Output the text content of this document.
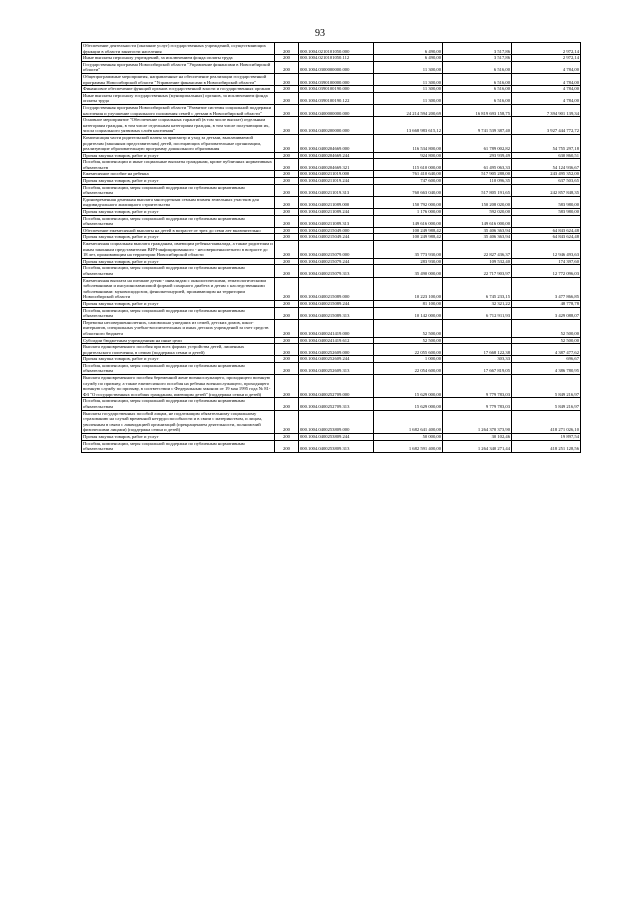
93
Обеспечение деятельности (оказание услуг) государственных учреждений, осуществляющих функции в области занятости населения	200	000.1004.0210101050.000	6 490,00	3 517,86	2 972,14
Иные выплаты персоналу учреждений, за исключением фонда оплаты труда	200	000.1004.0210101050.112	6 490,00	3 517,86	2 972,14
Государственная программа Новосибирской области "Управление финансами в Новосибирской области"	200	000.1004.0300000000.000	11 300,00	6 516,00	4 784,00
Общепрограммные мероприятия, направленные на обеспечение реализации государственной программы Новосибирской области "Управление финансами в Новосибирской области"	200	000.1004.0390100000.000	11 300,00	6 516,00	4 784,00
Финансовое обеспечение функций органов государственной власти и государственных органов	200	000.1004.0390100190.000	11 300,00	6 516,00	4 784,00
Иные выплаты персоналу государственных (муниципальных) органов, за исключением фонда оплаты труда	200	000.1004.0390100190.122	11 300,00	6 516,00	4 784,00
Государственная программа Новосибирской области "Развитие системы социальной поддержки населения и улучшение социального положения семей с детьми в Новосибирской области"	200	000.1004.0400000000.000	24 214 594 200,69	16 819 693 158,75	7 394 901 139,34
Основное мероприятие "Обеспечение социальных гарантий (в том числе выплат) отдельным категориям граждан, в том числе отдельным категориям граждан, в том числе получающим их, числа социального уязвимых слоёв населения"	200	000.1004.0400200000.000	13 668 983 615,12	9 741 539 387,40	3 927 444 772,72
Компенсация части родительской платы за присмотр и уход за детьми, выплачиваемой родителям (законным представителям) детей, посещающих образовательные организации, реализующие образовательную программу дошкольного образования	200	000.1004.0400204669.000	116 534 800,00	61 789 002,82	54 755 297,18
Прочая закупка товаров, работ и услуг	200	000.1004.0400204669.244	924 800,00	293 939,49	630 860,51
Пособия, компенсации и иные социальные выплаты гражданам, кроме публичных нормативных обязательств	200	000.1004.0400204669.321	115 610 000,00	61 495 063,33	54 124 936,67
Ежемесячное пособие на ребенка	200	000.1004.0400211019.000	761 410 640,00	517 905 288,00	243 495 352,00
Прочая закупка товаров, работ и услуг	200	000.1004.0400211019.244	747 600,00	110 096,35	637 503,65
Пособия, компенсации, меры социальной поддержки по публичным нормативным обязательствам	200	000.1004.0400211019.313	760 663 040,00	517 805 191,65	242 857 848,35
Единовременная денежная выплата многодетным семьям взамен земельных участков для индивидуального жилищного строительства	200	000.1004.0400211089.000	150 792 000,00	150 208 020,00	583 980,00
Прочая закупка товаров, работ и услуг	200	000.1004.0400211089.244	1 176 000,00	592 020,00	583 980,00
Пособия, компенсации, меры социальной поддержки по публичным нормативным обязательствам	200	000.1004.0400211089.313	149 616 000,00	149 616 000,00	
Обеспечение ежемесячной выплаты на детей в возрасте от трех до семи лет включительно	200	000.1004.0400215049.000	100 249 988,42	35 406 363,94	64 843 624,48
Прочая закупка товаров, работ и услуг	200	000.1004.0400215049.244	100 249 988,42	35 406 363,94	64 843 624,48
Ежемесячная социальная выплата гражданам, имеющим ребенка-инвалида, а также родителям и иным законным представителям ВИЧ-инфицированного - несовершеннолетнего в возрасте до 18 лет, проживающим на территории Новосибирской области	200	000.1004.0400215079.000	35 773 930,00	22 827 436,37	12 946 493,63
Прочая закупка товаров, работ и услуг	200	000.1004.0400215079.244	283 930,00	109 532,40	174 397,60
Пособия, компенсации, меры социальной поддержки по публичным нормативным обязательствам	200	000.1004.0400215079.313	35 490 000,00	22 717 903,97	12 772 096,03
Ежемесячная выплата на питание детям - инвалидам с онкологическими, гематологическими заболеваниями и инсулинозависимой формой сахарного диабета и детям с наследственными заболеваниями: муковисцидозом, фенилкетонурией, проживающим на территории Новосибирской области	200	000.1004.0400215089.000	10 223 100,00	6 745 233,15	3 477 866,85
Прочая закупка товаров, работ и услуг	200	000.1004.0400215089.244	81 100,00	32 321,22	48 778,78
Пособия, компенсации, меры социальной поддержки по публичным нормативным обязательствам	200	000.1004.0400215089.313	10 142 000,00	6 712 911,93	3 429 088,07
Перевозка несовершеннолетних, самовольно ушедших из семей, детских домов, школ-интернатов, специальных учебно-воспитательных и иных детских учреждений за счет средств областного бюджета	200	000.1004.0400241419.000	52 500,00		52 500,00
Субсидии бюджетным учреждениям на иные цели	200	000.1004.0400241419.612	52 500,00		52 500,00
Выплата единовременного пособия при всех формах устройства детей, лишенных родительского попечения, в семью (поддержка семьи и детей)	200	000.1004.0400252609.000	22 055 600,00	17 668 122,38	4 387 477,62
Прочая закупка товаров, работ и услуг	200	000.1004.0400252609.244	1 000,00	303,33	696,67
Пособия, компенсации, меры социальной поддержки по публичным нормативным обязательствам	200	000.1004.0400252609.313	22 054 600,00	17 667 819,05	4 386 780,95
Выплата единовременного пособия беременной жене военнослужащего, проходящего военную службу по призыву, а также ежемесячного пособия на ребенка военнослужащего, проходящего военную службу по призыву, в соответствии с Федеральным законом от 19 мая 1995 года № 81-ФЗ "О государственных пособиях гражданам, имеющим детей" (поддержка семьи и детей)	200	000.1004.0400252709.000	15 629 000,00	9 779 783,03	5 849 216,97
Пособия, компенсации, меры социальной поддержки по публичным нормативным обязательствам	200	000.1004.0400252709.313	15 629 000,00	9 779 783,03	5 849 216,97
Выплаты государственных пособий лицам, не подлежащим обязательному социальному страхованию на случай временной нетрудоспособности и в связи с материнством, и лицам, уволенным в связи с ликвидацией организаций (прекращением деятельности, полномочий физическими лицами) (поддержка семьи и детей)	200	000.1004.0400253809.000	1 682 641 400,00	1 264 370 373,90	418 271 026,10
Прочая закупка товаров, работ и услуг	200	000.1004.0400253809.244	50 000,00	30 102,46	19 897,54
Пособия, компенсации, меры социальной поддержки по публичным нормативным обязательствам	200	000.1004.0400253809.313	1 682 591 400,00	1 264 340 271,44	418 251 128,56
